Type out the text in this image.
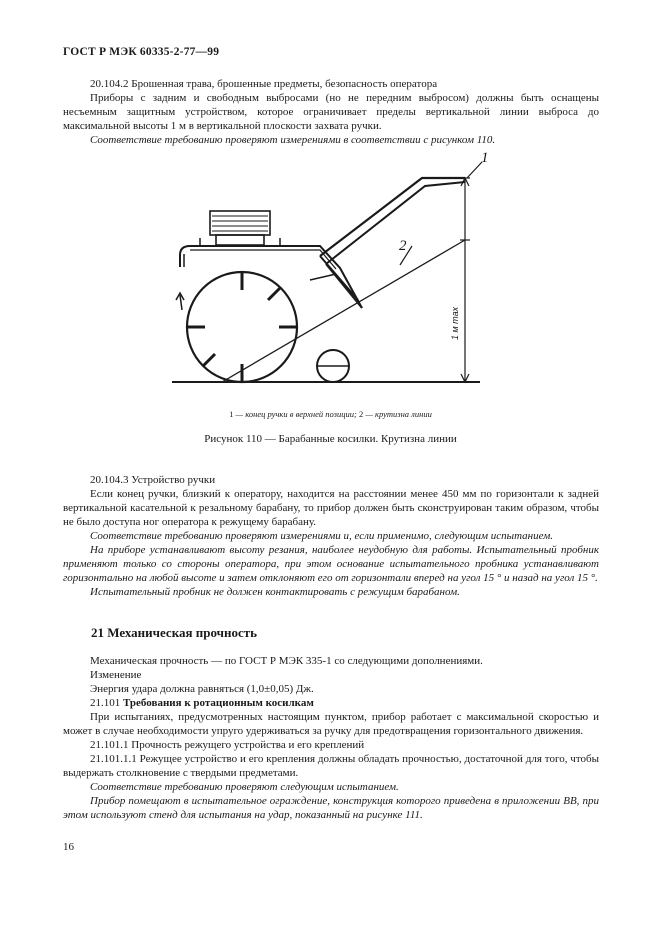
ГОСТ Р МЭК 60335-2-77—99

20.104.2 Брошенная трава, брошенные предметы, безопасность оператора

Приборы с задним и свободным выбросами (но не передним выбросом) должны быть оснащены несъемным защитным устройством, которое ограничивает пределы вертикальной линии выброса до максимальной высоты 1 м в вертикальной плоскости захвата ручки.

Соответствие требованию проверяют измерениями в соответствии с рисунком 110.

1
2
1 м max
1 — конец ручки в верхней позиции; 2 — крутизна линии
Рисунок 110 — Барабанные косилки. Крутизна линии

20.104.3 Устройство ручки

Если конец ручки, близкий к оператору, находится на расстоянии менее 450 мм по горизонтали к задней вертикальной касательной к резальному барабану, то прибор должен быть сконструирован таким образом, чтобы не было доступа ног оператора к режущему барабану.

Соответствие требованию проверяют измерениями и, если применимо, следующим испытанием.

На приборе устанавливают высоту резания, наиболее неудобную для работы. Испытательный пробник применяют только со стороны оператора, при этом основание испытательного пробника устанавливают горизонтально на любой высоте и затем отклоняют его от горизонтали вперед на угол 15 ° и назад на угол 15 °.

Испытательный пробник не должен контактировать с режущим барабаном.

21 Механическая прочность

Механическая прочность — по ГОСТ Р МЭК 335-1 со следующими дополнениями.

Изменение

Энергия удара должна равняться (1,0±0,05) Дж.

21.101 Требования к ротационным косилкам

При испытаниях, предусмотренных настоящим пунктом, прибор работает с максимальной скоростью и может в случае необходимости упруго удерживаться за ручку для предотвращения горизонтального движения.

21.101.1 Прочность режущего устройства и его креплений

21.101.1.1 Режущее устройство и его крепления должны обладать прочностью, достаточной для того, чтобы выдержать столкновение с твердыми предметами.

Соответствие требованию проверяют следующим испытанием.

Прибор помещают в испытательное ограждение, конструкция которого приведена в приложении ВВ, при этом используют стенд для испытания на удар, показанный на рисунке 111.

16
